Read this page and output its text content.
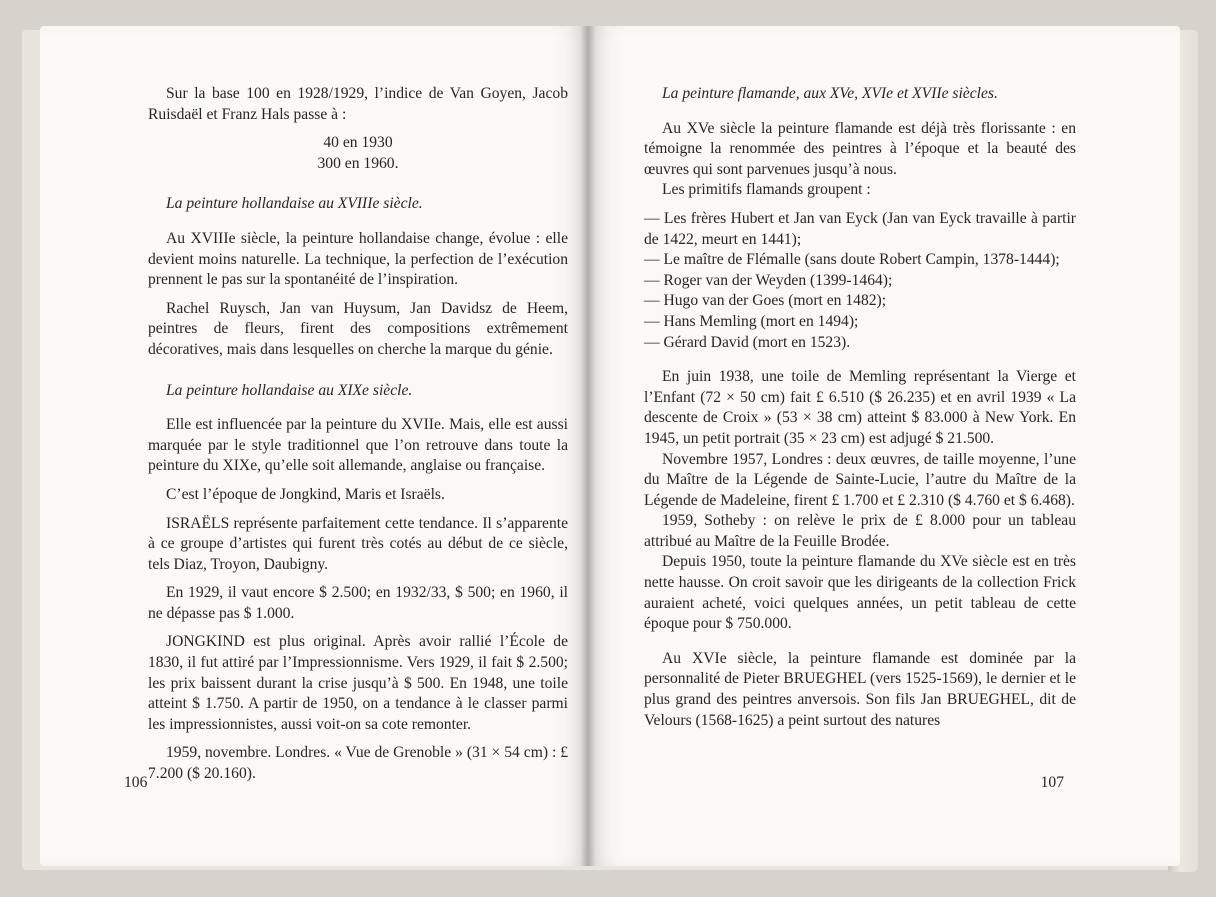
Sur la base 100 en 1928/1929, l’indice de Van Goyen, Jacob Ruisdaël et Franz Hals passe à :

40 en 1930

300 en 1960.

La peinture hollandaise au XVIIIe siècle.

Au XVIIIe siècle, la peinture hollandaise change, évolue : elle devient moins naturelle. La technique, la perfection de l’exécution prennent le pas sur la spontanéité de l’inspiration.

Rachel Ruysch, Jan van Huysum, Jan Davidsz de Heem, peintres de fleurs, firent des compositions extrêmement décoratives, mais dans lesquelles on cherche la marque du génie.

La peinture hollandaise au XIXe siècle.

Elle est influencée par la peinture du XVIIe. Mais, elle est aussi marquée par le style traditionnel que l’on retrouve dans toute la peinture du XIXe, qu’elle soit allemande, anglaise ou française.

C’est l’époque de Jongkind, Maris et Israëls.

ISRAËLS représente parfaitement cette tendance. Il s’apparente à ce groupe d’artistes qui furent très cotés au début de ce siècle, tels Diaz, Troyon, Daubigny.

En 1929, il vaut encore $ 2.500; en 1932/33, $ 500; en 1960, il ne dépasse pas $ 1.000.

JONGKIND est plus original. Après avoir rallié l’École de 1830, il fut attiré par l’Impressionnisme. Vers 1929, il fait $ 2.500; les prix baissent durant la crise jusqu’à $ 500. En 1948, une toile atteint $ 1.750. A partir de 1950, on a tendance à le classer parmi les impressionnistes, aussi voit-on sa cote remonter.

1959, novembre. Londres. « Vue de Grenoble » (31 × 54 cm) : £ 7.200 ($ 20.160).

106
La peinture flamande, aux XVe, XVIe et XVIIe siècles.

Au XVe siècle la peinture flamande est déjà très florissante : en témoigne la renommée des peintres à l’époque et la beauté des œuvres qui sont parvenues jusqu’à nous.

Les primitifs flamands groupent :

— Les frères Hubert et Jan van Eyck (Jan van Eyck travaille à partir de 1422, meurt en 1441);

— Le maître de Flémalle (sans doute Robert Campin, 1378-1444);

— Roger van der Weyden (1399-1464);

— Hugo van der Goes (mort en 1482);

— Hans Memling (mort en 1494);

— Gérard David (mort en 1523).

En juin 1938, une toile de Memling représentant la Vierge et l’Enfant (72 × 50 cm) fait £ 6.510 ($ 26.235) et en avril 1939 « La descente de Croix » (53 × 38 cm) atteint $ 83.000 à New York. En 1945, un petit portrait (35 × 23 cm) est adjugé $ 21.500.

Novembre 1957, Londres : deux œuvres, de taille moyenne, l’une du Maître de la Légende de Sainte-Lucie, l’autre du Maître de la Légende de Madeleine, firent £ 1.700 et £ 2.310 ($ 4.760 et $ 6.468).

1959, Sotheby : on relève le prix de £ 8.000 pour un tableau attribué au Maître de la Feuille Brodée.

Depuis 1950, toute la peinture flamande du XVe siècle est en très nette hausse. On croit savoir que les dirigeants de la collection Frick auraient acheté, voici quelques années, un petit tableau de cette époque pour $ 750.000.

Au XVIe siècle, la peinture flamande est dominée par la personnalité de Pieter BRUEGHEL (vers 1525-1569), le dernier et le plus grand des peintres anversois. Son fils Jan BRUEGHEL, dit de Velours (1568-1625) a peint surtout des natures

107
